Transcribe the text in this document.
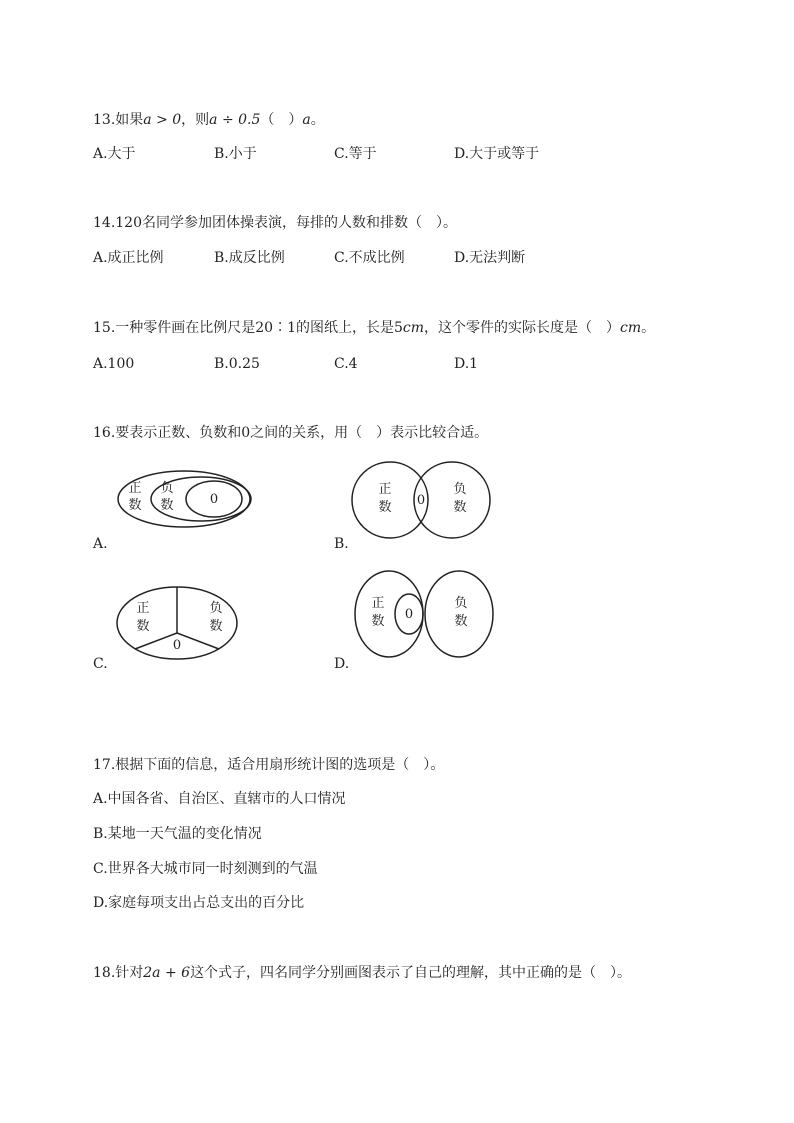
13.如果a > 0，则a ÷ 0.5（　）a。
A.大于	B.小于	C.等于	D.大于或等于
14.120名同学参加团体操表演，每排的人数和排数（　）。
A.成正比例	B.成反比例	C.不成比例	D.无法判断
15.一种零件画在比例尺是20∶1的图纸上，长是5cm，这个零件的实际长度是（　）cm。
A.100	B.0.25	C.4	D.1
16.要表示正数、负数和0之间的关系，用（　）表示比较合适。
正
数
负
数	0
A.
正
数 0
负
数
B.
正
数
负
数
0
C.
正
数 0
负
数
D.
17.根据下面的信息，适合用扇形统计图的选项是（　）。
A.中国各省、自治区、直辖市的人口情况
B.某地一天气温的变化情况
C.世界各大城市同一时刻测到的气温
D.家庭每项支出占总支出的百分比
18.针对2a + 6这个式子，四名同学分别画图表示了自己的理解，其中正确的是（　）。
